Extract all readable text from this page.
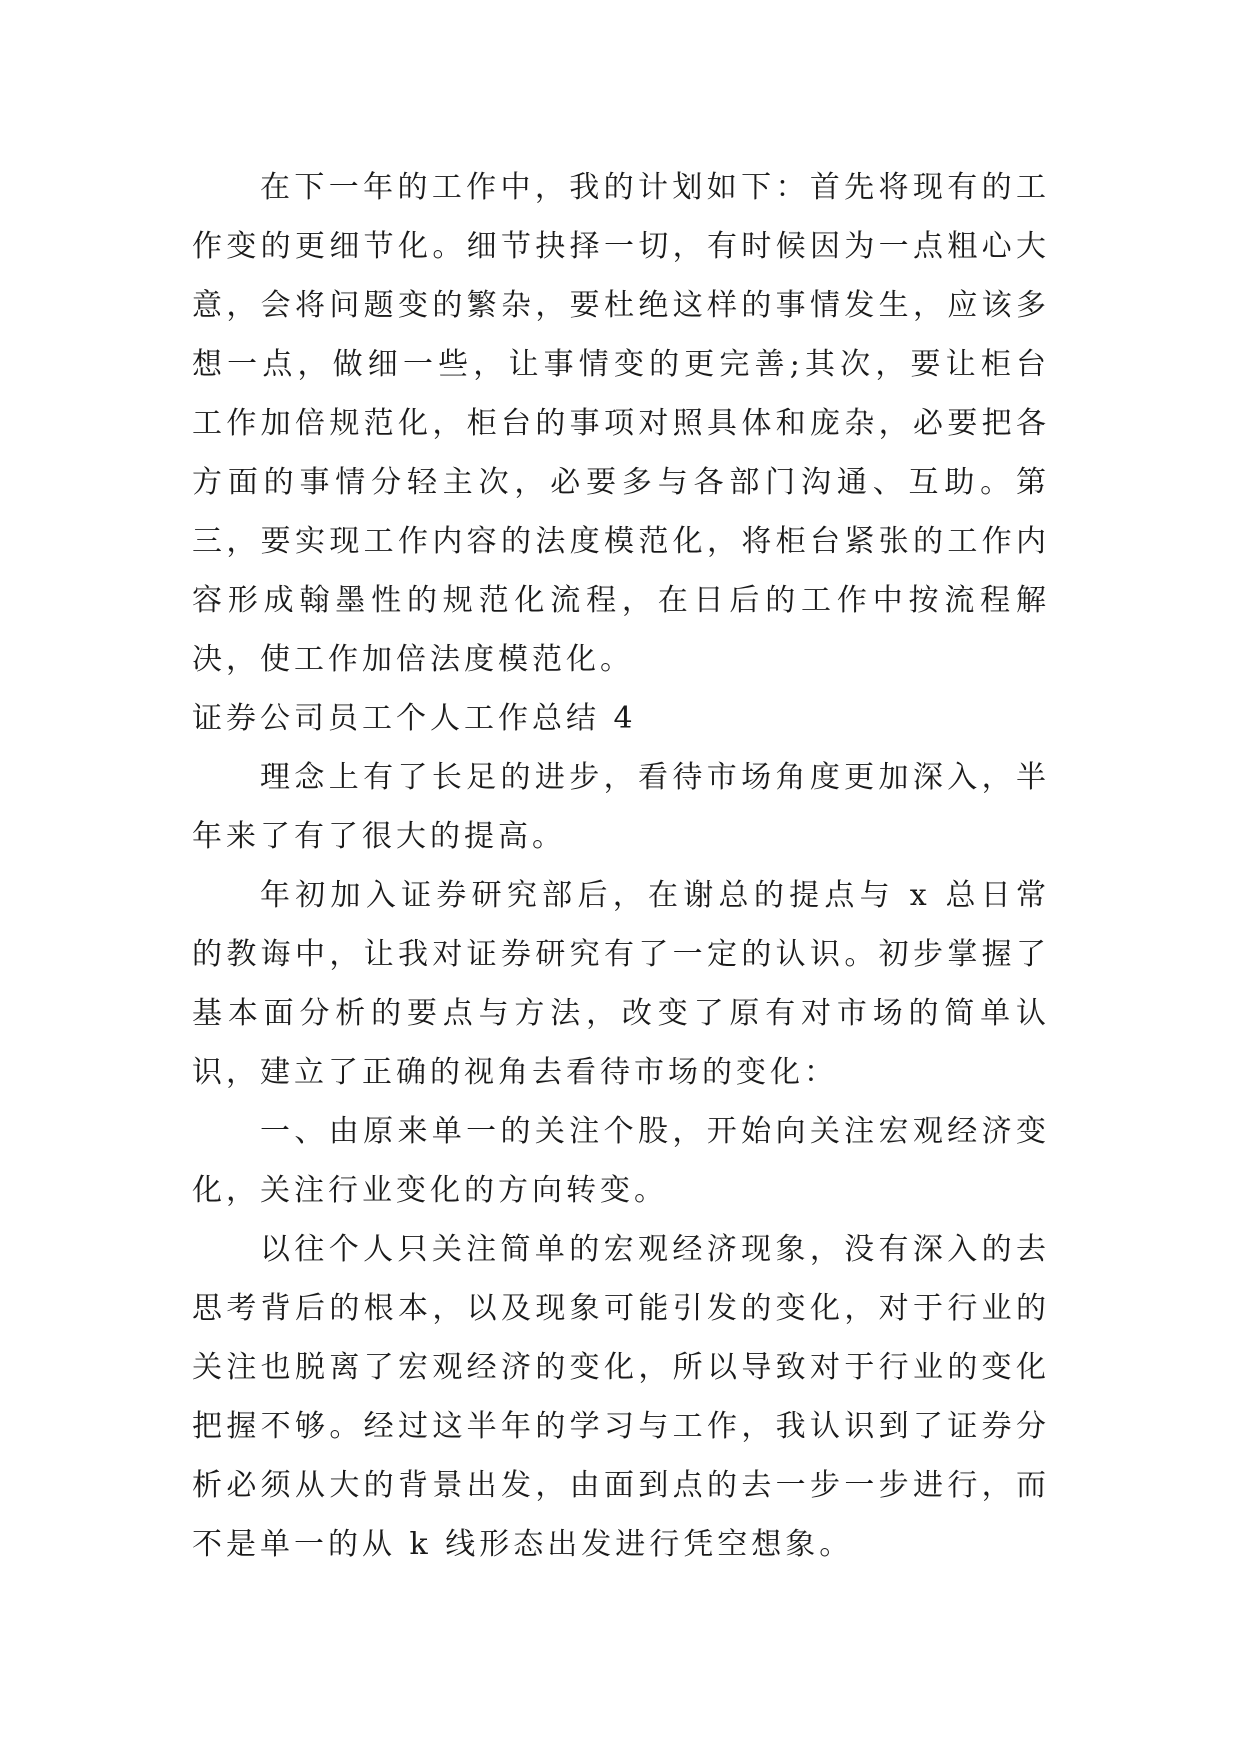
在下一年的工作中，我的计划如下：首先将现有的工作变的更细节化。细节抉择一切，有时候因为一点粗心大意，会将问题变的繁杂，要杜绝这样的事情发生，应该多想一点，做细一些，让事情变的更完善;其次，要让柜台工作加倍规范化，柜台的事项对照具体和庞杂，必要把各方面的事情分轻主次，必要多与各部门沟通、互助。第三，要实现工作内容的法度模范化，将柜台紧张的工作内容形成翰墨性的规范化流程，在日后的工作中按流程解决，使工作加倍法度模范化。

证券公司员工个人工作总结 4

理念上有了长足的进步，看待市场角度更加深入，半年来了有了很大的提高。

年初加入证券研究部后，在谢总的提点与 x 总日常的教诲中，让我对证券研究有了一定的认识。初步掌握了基本面分析的要点与方法，改变了原有对市场的简单认识，建立了正确的视角去看待市场的变化：

一、由原来单一的关注个股，开始向关注宏观经济变化，关注行业变化的方向转变。

以往个人只关注简单的宏观经济现象，没有深入的去思考背后的根本，以及现象可能引发的变化，对于行业的关注也脱离了宏观经济的变化，所以导致对于行业的变化把握不够。经过这半年的学习与工作，我认识到了证券分析必须从大的背景出发，由面到点的去一步一步进行，而不是单一的从 k 线形态出发进行凭空想象。
